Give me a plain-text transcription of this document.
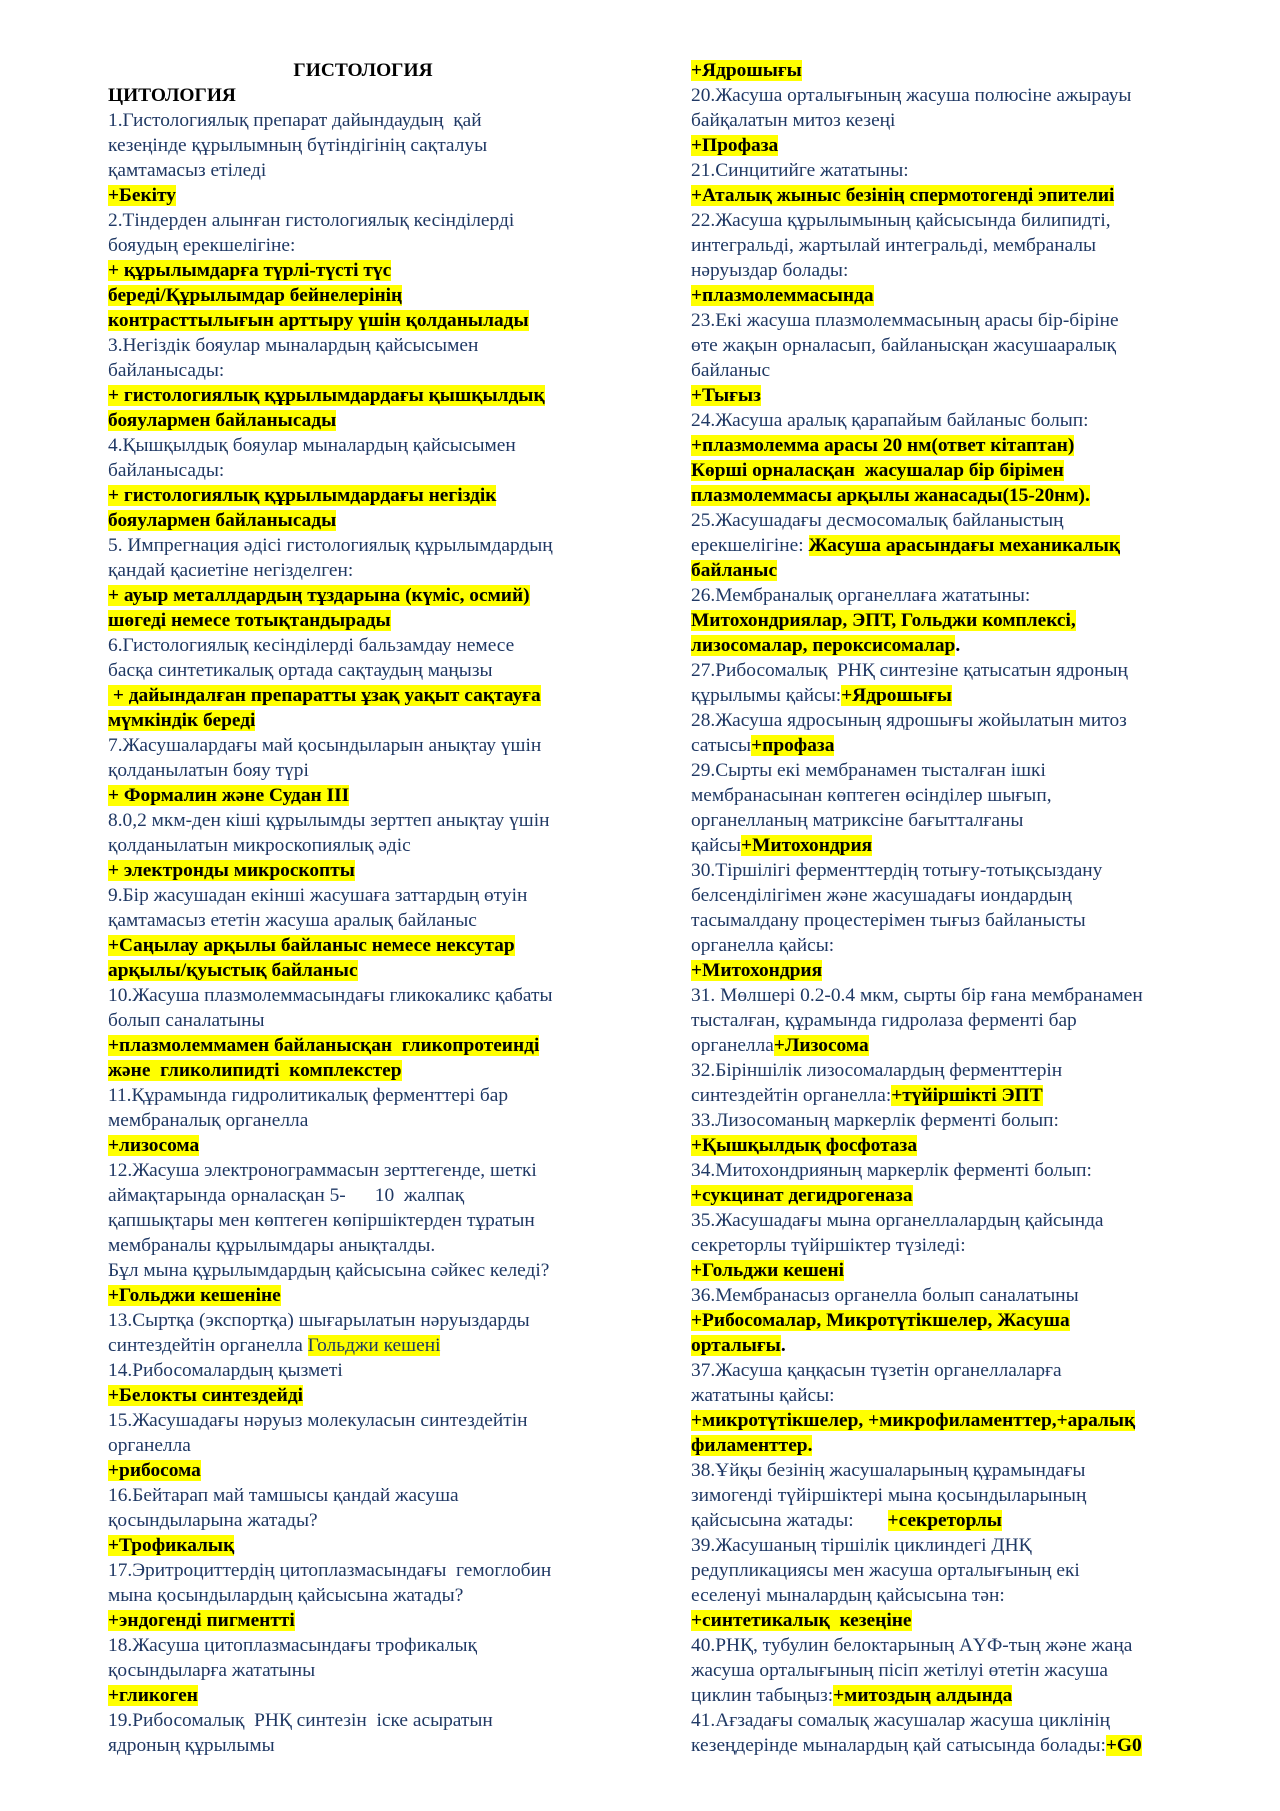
ГИСТОЛОГИЯ
ЦИТОЛОГИЯ
1.Гистологиялық препарат дайындаудың  қай
кезеңінде құрылымның бүтіндігінің сақталуы
қамтамасыз етіледі
+Бекіту
2.Тіндерден алынған гистологиялық кесінділерді
бояудың ерекшелігіне:
+ құрылымдарға түрлі-түсті түс
береді/Құрылымдар бейнелерінің
контрасттылығын арттыру үшін қолданылады
3.Негіздік бояулар мыналардың қайсысымен
байланысады:
+ гистологиялық құрылымдардағы қышқылдық
бояулармен байланысады
4.Қышқылдық бояулар мыналардың қайсысымен
байланысады:
+ гистологиялық құрылымдардағы негіздік
бояулармен байланысады
5. Импрегнация әдісі гистологиялық құрылымдардың
қандай қасиетіне негізделген:
+ ауыр металлдардың тұздарына (күміс, осмий)
шөгеді немесе тотықтандырады
6.Гистологиялық кесінділерді бальзамдау немесе
басқа синтетикалық ортада сақтаудың маңызы
+ дайындалған препаратты ұзақ уақыт сақтауға
мүмкіндік береді
7.Жасушалардағы май қосындыларын анықтау үшін
қолданылатын бояу түрі
+ Формалин және Судан ІІІ
8.0,2 мкм-ден кіші құрылымды зерттеп анықтау үшін
қолданылатын микроскопиялық әдіс
+ электронды микроскопты
9.Бір жасушадан екінші жасушаға заттардың өтуін
қамтамасыз ететін жасуша аралық байланыс
+Саңылау арқылы байланыс немесе нексутар
арқылы/қуыстық байланыс
10.Жасуша плазмолеммасындағы гликокаликс қабаты
болып саналатыны
+плазмолеммамен байланысқан  гликопротеинді
және  гликолипидті  комплекстер
11.Құрамында гидролитикалық ферменттері бар
мембраналық органелла
+лизосома
12.Жасуша электронограммасын зерттегенде, шеткі
аймақтарында орналасқан 5-      10  жалпақ
қапшықтары мен көптеген көпіршіктерден тұратын
мембраналы құрылымдары анықталды.
Бұл мына құрылымдардың қайсысына сәйкес келеді?
+Гольджи кешеніне
13.Сыртқа (экспортқа) шығарылатын нәруыздарды
синтездейтін органелла Гольджи кешені
14.Рибосомалардың қызметі
+Белокты синтездейді
15.Жасушадағы нәруыз молекуласын синтездейтін
органелла
+рибосома
16.Бейтарап май тамшысы қандай жасуша
қосындыларына жатады?
+Трофикалық
17.Эритроциттердің цитоплазмасындағы  гемоглобин
мына қосындылардың қайсысына жатады?
+эндогенді пигментті
18.Жасуша цитоплазмасындағы трофикалық
қосындыларға жататыны
+гликоген
19.Рибосомалық  РНҚ синтезін  іске асыратын
ядроның құрылымы
+Ядрошығы
20.Жасуша орталығының жасуша полюсіне ажырауы
байқалатын митоз кезеңі
+Профаза
21.Синцитийге жататыны:
+Аталық жыныс безінің спермотогенді эпителиі
22.Жасуша құрылымының қайсысында билипидті,
интегральді, жартылай интегральді, мембраналы
нәруыздар болады:
+плазмолеммасында
23.Екі жасуша плазмолеммасының арасы бір-біріне
өте жақын орналасып, байланысқан жасушааралық
байланыс
+Тығыз
24.Жасуша аралық қарапайым байланыс болып:
+плазмолемма арасы 20 нм(ответ кітаптан)
Көрші орналасқан  жасушалар бір бірімен
плазмолеммасы арқылы жанасады(15-20нм).
25.Жасушадағы десмосомалық байланыстың
ерекшелігіне: Жасуша арасындағы механикалық
байланыс
26.Мембраналық органеллаға жататыны:
Митохондриялар, ЭПТ, Гольджи комплексі,
лизосомалар, пероксисомалар.
27.Рибосомалық  РНҚ синтезіне қатысатын ядроның
құрылымы қайсы:+Ядрошығы
28.Жасуша ядросының ядрошығы жойылатын митоз
сатысы+профаза
29.Сырты екі мембранамен тысталған ішкі
мембранасынан көптеген өсінділер шығып,
органелланың матриксіне бағытталғаны
қайсы+Митохондрия
30.Тіршілігі ферменттердің тотығу-тотықсыздану
белсенділігімен және жасушадағы иондардың
тасымалдану процестерімен тығыз байланысты
органелла қайсы:
+Митохондрия
31. Мөлшері 0.2-0.4 мкм, сырты бір ғана мембранамен
тысталған, құрамында гидролаза ферменті бар
органелла+Лизосома
32.Біріншілік лизосомалардың ферменттерін
синтездейтін органелла:+түйіршікті ЭПТ
33.Лизосоманың маркерлік ферменті болып:
+Қышқылдық фосфотаза
34.Митохондрияның маркерлік ферменті болып:
+сукцинат дегидрогеназа
35.Жасушадағы мына органеллалардың қайсында
секреторлы түйіршіктер түзіледі:
+Гольджи кешені
36.Мембранасыз органелла болып саналатыны
+Рибосомалар, Микротүтікшелер, Жасуша
орталығы.
37.Жасуша қаңқасын түзетін органеллаларға
жататыны қайсы:
+микротүтікшелер, +микрофиламенттер,+аралық
филаменттер.
38.Ұйқы безінің жасушаларының құрамындағы
зимогенді түйіршіктері мына қосындыларының
қайсысына жатады:       +секреторлы
39.Жасушаның тіршілік циклиндегі ДНҚ
редупликациясы мен жасуша орталығының екі
еселенуі мыналардың қайсысына тән:
+синтетикалық  кезеңіне
40.РНҚ, тубулин белоктарының АҮФ-тың және жаңа
жасуша орталығының пісіп жетілуі өтетін жасуша
циклин табыңыз:+митоздың алдында
41.Ағзадағы сомалық жасушалар жасуша циклінің
кезеңдерінде мыналардың қай сатысында болады:+G0
